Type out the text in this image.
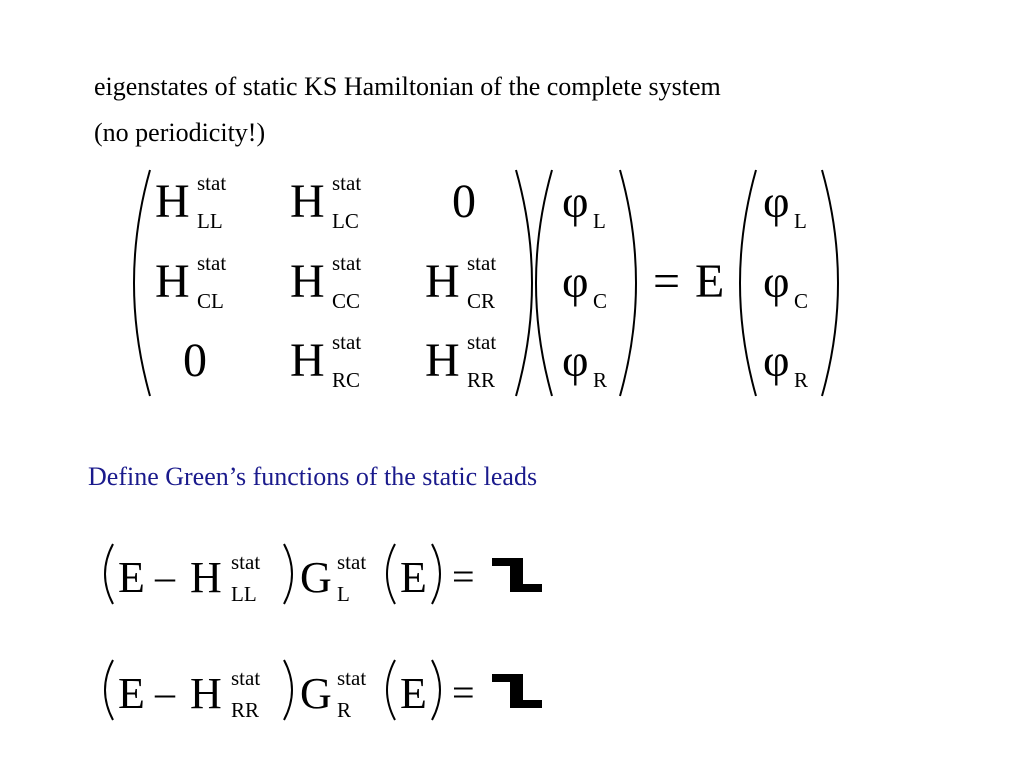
eigenstates of static KS Hamiltonian of the complete system
(no periodicity!)
H stat
LL H stat
LC 0
H stat
CL H stat
CC H stat
CR
0 H stat
RC H stat
RR
φ L
φ C
φ R
= E
φ L
φ C
φ R
E – H stat
LL G stat
L E =
E – H stat
RR G stat
R E =
Define Green’s functions of the static leads
